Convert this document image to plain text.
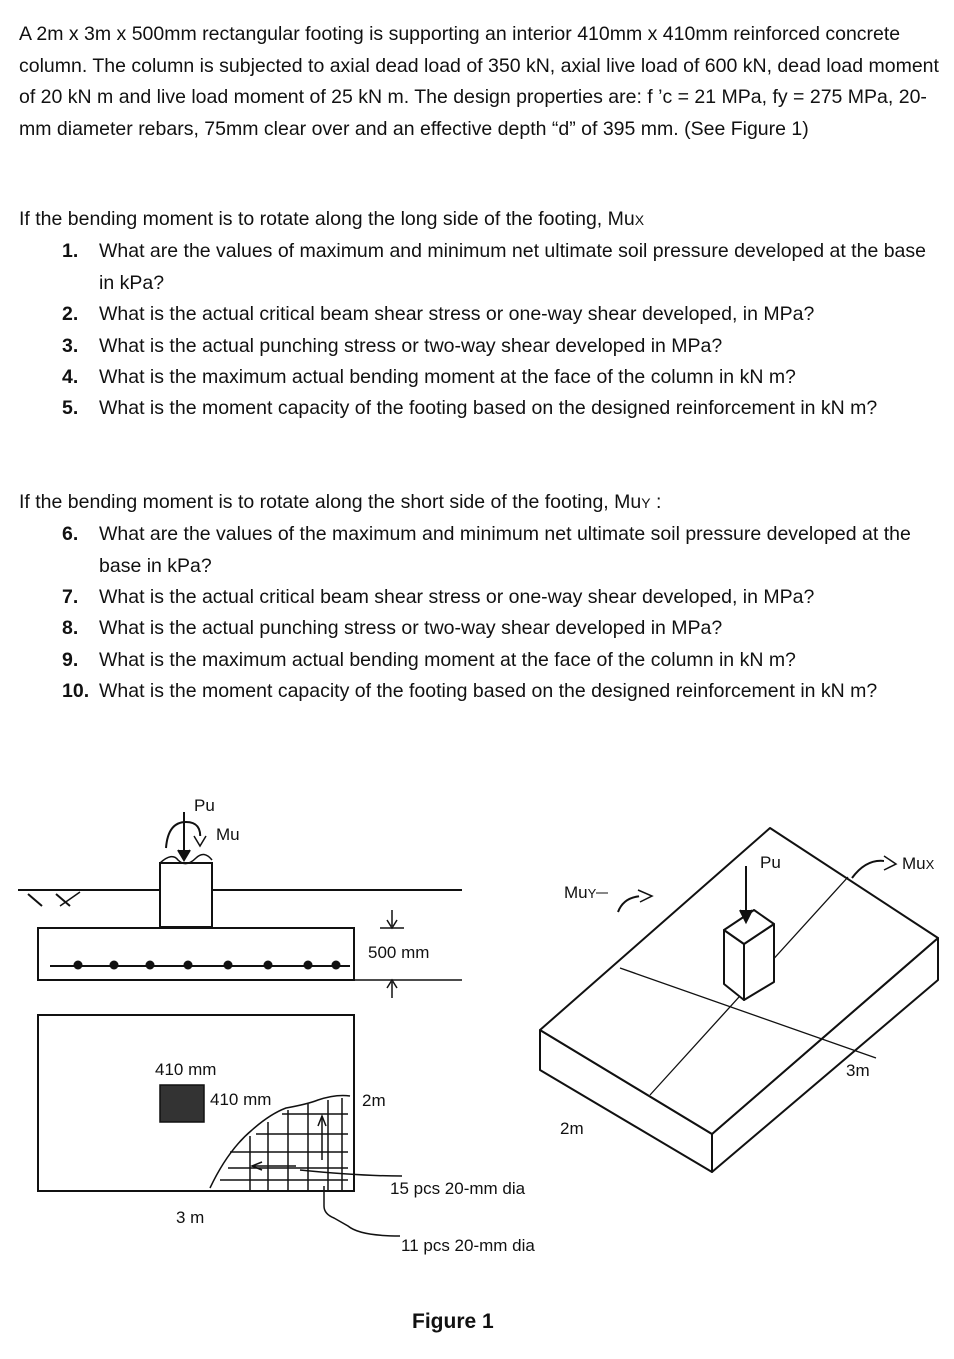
A 2m x 3m x 500mm rectangular footing is supporting an interior 410mm x 410mm reinforced concrete column. The column is subjected to axial dead load of 350 kN, axial live load of 600 kN, dead load moment of 20 kN m and live load moment of 25 kN m. The design properties are: f ’c = 21 MPa, fy = 275 MPa, 20-mm diameter rebars, 75mm clear over and an effective depth “d” of 395 mm. (See Figure 1)

If the bending moment is to rotate along the long side of the footing, MuX
1.	What are the values of maximum and minimum net ultimate soil pressure developed at the base in kPa?
2.	What is the actual critical beam shear stress or one-way shear developed, in MPa?
3.	What is the actual punching stress or two-way shear developed in MPa?
4.	What is the maximum actual bending moment at the face of the column in kN m?
5.	What is the moment capacity of the footing based on the designed reinforcement in kN m?
If the bending moment is to rotate along the short side of the footing, MuY :
6.	What are the values of the maximum and minimum net ultimate soil pressure developed at the base in kPa?
7.	What is the actual critical beam shear stress or one-way shear developed, in MPa?
8.	What is the actual punching stress or two-way shear developed in MPa?
9.	What is the maximum actual bending moment at the face of the column in kN m?
10. What is the moment capacity of the footing based on the designed reinforcement in kN m?
Pu
Mu
500 mm
410 mm
410 mm	2m
3 m
15 pcs 20-mm dia
11 pcs 20-mm dia
Pu	MuX
MuY
3m
2m
Figure 1
